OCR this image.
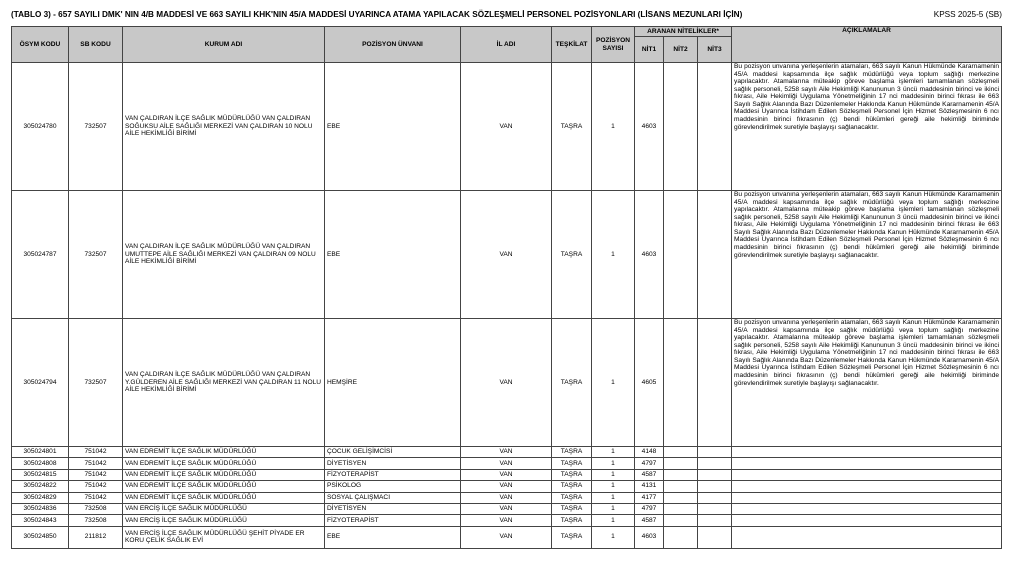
(TABLO 3) - 657 SAYILI DMK' NIN 4/B MADDESİ VE 663 SAYILI KHK'NIN 45/A MADDESİ UYARINCA ATAMA YAPILACAK SÖZLEŞMELİ PERSONEL POZİSYONLARI (LİSANS MEZUNLARI İÇİN)	KPSS 2025-5 (SB)
ÖSYM KODU	SB KODU	KURUM ADI	POZİSYON ÜNVANI	İL ADI	TEŞKİLAT	POZİSYON SAYISI	ARANAN NİTELİKLER*			AÇIKLAMALAR
							NİT1	NİT2	NİT3	
305024780	732507	VAN ÇALDIRAN İLÇE SAĞLIK MÜDÜRLÜĞÜ VAN ÇALDIRAN SOĞUKSU AİLE SAĞLIĞI MERKEZİ VAN ÇALDIRAN 10 NOLU AİLE HEKİMLİĞİ BİRİMİ	EBE	VAN	TAŞRA	1	4603			Bu pozisyon unvanına yerleşenlerin atamaları, 663 sayılı Kanun Hükmünde Kararnamenin 45/A maddesi kapsamında ilçe sağlık müdürlüğü veya toplum sağlığı merkezine yapılacaktır. Atamalarına müteakip göreve başlama işlemleri tamamlanan sözleşmeli sağlık personeli, 5258 sayılı Aile Hekimliği Kanununun 3 üncü maddesinin birinci ve ikinci fıkrası, Aile Hekimliği Uygulama Yönetmeliğinin 17 nci maddesinin birinci fıkrası ile 663 Sayılı Sağlık Alanında Bazı Düzenlemeler Hakkında Kanun Hükmünde Kararnamenin 45/A Maddesi Uyarınca İstihdam Edilen Sözleşmeli Personel İçin Hizmet Sözleşmesinin 6 ncı maddesinin birinci fıkrasının (ç) bendi hükümleri gereği aile hekimliği biriminde görevlendirilmek suretiyle başlayışı sağlanacaktır.
305024787	732507	VAN ÇALDIRAN İLÇE SAĞLIK MÜDÜRLÜĞÜ VAN ÇALDIRAN UMUTTEPE AİLE SAĞLIĞI MERKEZİ VAN ÇALDIRAN 09 NOLU AİLE HEKİMLİĞİ BİRİMİ	EBE	VAN	TAŞRA	1	4603			Bu pozisyon unvanına yerleşenlerin atamaları, 663 sayılı Kanun Hükmünde Kararnamenin 45/A maddesi kapsamında ilçe sağlık müdürlüğü veya toplum sağlığı merkezine yapılacaktır. Atamalarına müteakip göreve başlama işlemleri tamamlanan sözleşmeli sağlık personeli, 5258 sayılı Aile Hekimliği Kanununun 3 üncü maddesinin birinci ve ikinci fıkrası, Aile Hekimliği Uygulama Yönetmeliğinin 17 nci maddesinin birinci fıkrası ile 663 Sayılı Sağlık Alanında Bazı Düzenlemeler Hakkında Kanun Hükmünde Kararnamenin 45/A Maddesi Uyarınca İstihdam Edilen Sözleşmeli Personel İçin Hizmet Sözleşmesinin 6 ncı maddesinin birinci fıkrasının (ç) bendi hükümleri gereği aile hekimliği biriminde görevlendirilmek suretiyle başlayışı sağlanacaktır.
305024794	732507	VAN ÇALDIRAN İLÇE SAĞLIK MÜDÜRLÜĞÜ VAN ÇALDIRAN Y.GÜLDEREN AİLE SAĞLIĞI MERKEZİ VAN ÇALDIRAN 11 NOLU AİLE HEKİMLİĞİ BİRİMİ	HEMŞİRE	VAN	TAŞRA	1	4605			Bu pozisyon unvanına yerleşenlerin atamaları, 663 sayılı Kanun Hükmünde Kararnamenin 45/A maddesi kapsamında ilçe sağlık müdürlüğü veya toplum sağlığı merkezine yapılacaktır. Atamalarına müteakip göreve başlama işlemleri tamamlanan sözleşmeli sağlık personeli, 5258 sayılı Aile Hekimliği Kanununun 3 üncü maddesinin birinci ve ikinci fıkrası, Aile Hekimliği Uygulama Yönetmeliğinin 17 nci maddesinin birinci fıkrası ile 663 Sayılı Sağlık Alanında Bazı Düzenlemeler Hakkında Kanun Hükmünde Kararnamenin 45/A Maddesi Uyarınca İstihdam Edilen Sözleşmeli Personel İçin Hizmet Sözleşmesinin 6 ncı maddesinin birinci fıkrasının (ç) bendi hükümleri gereği aile hekimliği biriminde görevlendirilmek suretiyle başlayışı sağlanacaktır.
305024801	751042	VAN EDREMİT İLÇE SAĞLIK MÜDÜRLÜĞÜ	ÇOCUK GELİŞİMCİSİ	VAN	TAŞRA	1	4148			
305024808	751042	VAN EDREMİT İLÇE SAĞLIK MÜDÜRLÜĞÜ	DİYETİSYEN	VAN	TAŞRA	1	4797			
305024815	751042	VAN EDREMİT İLÇE SAĞLIK MÜDÜRLÜĞÜ	FİZYOTERAPİST	VAN	TAŞRA	1	4587			
305024822	751042	VAN EDREMİT İLÇE SAĞLIK MÜDÜRLÜĞÜ	PSİKOLOG	VAN	TAŞRA	1	4131			
305024829	751042	VAN EDREMİT İLÇE SAĞLIK MÜDÜRLÜĞÜ	SOSYAL ÇALIŞMACI	VAN	TAŞRA	1	4177			
305024836	732508	VAN ERCİŞ İLÇE SAĞLIK MÜDÜRLÜĞÜ	DİYETİSYEN	VAN	TAŞRA	1	4797			
305024843	732508	VAN ERCİŞ İLÇE SAĞLIK MÜDÜRLÜĞÜ	FİZYOTERAPİST	VAN	TAŞRA	1	4587			
305024850	211812	VAN ERCİŞ İLÇE SAĞLIK MÜDÜRLÜĞÜ ŞEHİT PİYADE ER KORU ÇELİK SAĞLIK EVİ	EBE	VAN	TAŞRA	1	4603			
